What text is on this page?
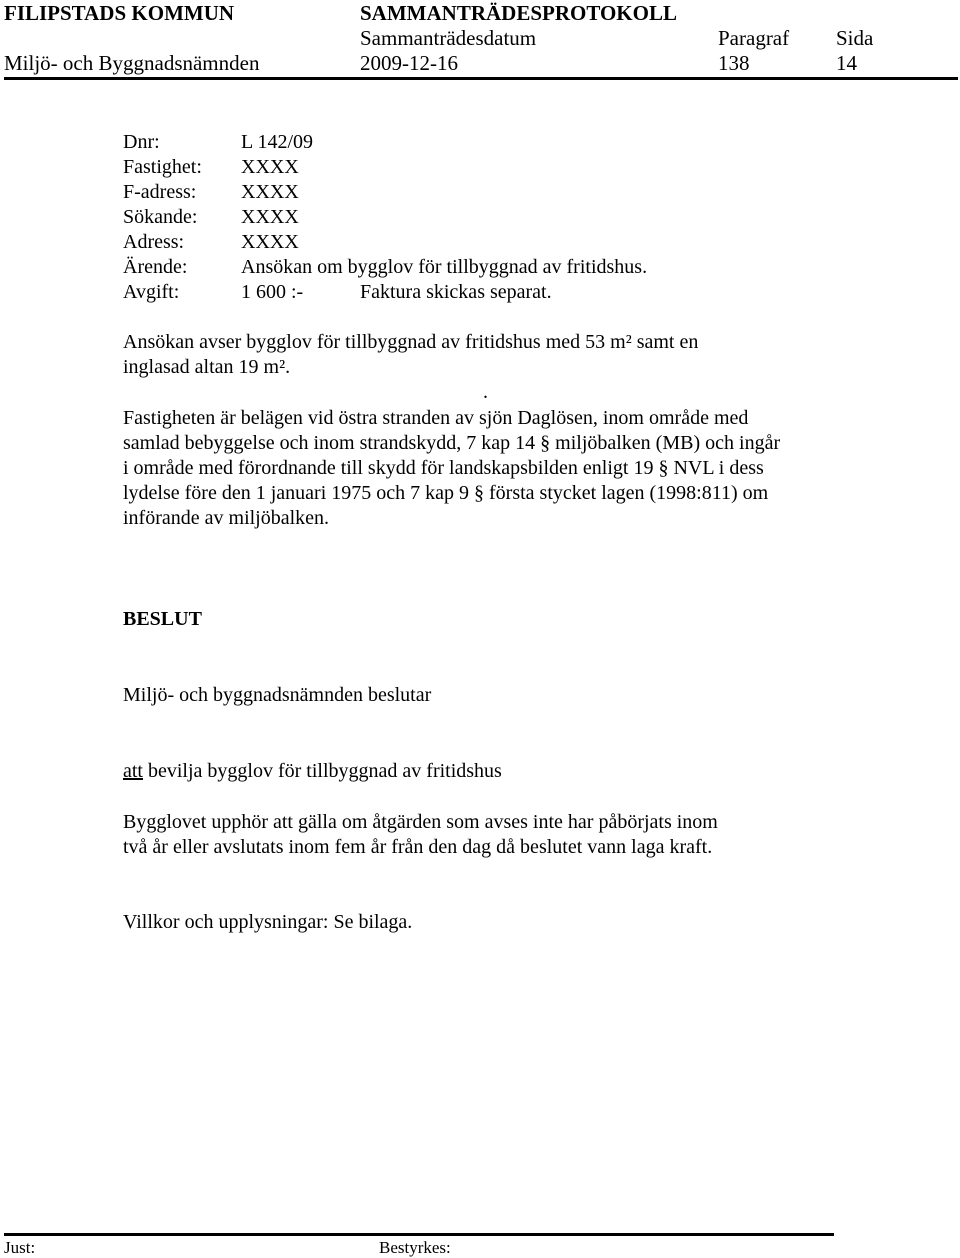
FILIPSTADS KOMMUN	SAMMANTRÄDESPROTOKOLL
Sammanträdesdatum	Paragraf Sida
Miljö- och Byggnadsnämnden	2009-12-16	138	14
Dnr:	L 142/09
Fastighet: XXXX
F-adress: XXXX
Sökande: XXXX
Adress:	XXXX
Ärende:	Ansökan om bygglov för tillbyggnad av fritidshus.
Avgift:	1 600 :-	Faktura skickas separat.

Ansökan avser bygglov för tillbyggnad av fritidshus med 53 m² samt en

inglasad altan 19 m².

.

Fastigheten är belägen vid östra stranden av sjön Daglösen, inom område med

samlad bebyggelse och inom strandskydd, 7 kap 14 § miljöbalken (MB) och ingår

i område med förordnande till skydd för landskapsbilden enligt 19 § NVL i dess

lydelse före den 1 januari 1975 och 7 kap 9 § första stycket lagen (1998:811) om

införande av miljöbalken.

BESLUT
Miljö- och byggnadsnämnden beslutar
att bevilja bygglov för tillbyggnad av fritidshus

Bygglovet upphör att gälla om åtgärden som avses inte har påbörjats inom

två år eller avslutats inom fem år från den dag då beslutet vann laga kraft.

Villkor och upplysningar: Se bilaga.
Just:	Bestyrkes:
